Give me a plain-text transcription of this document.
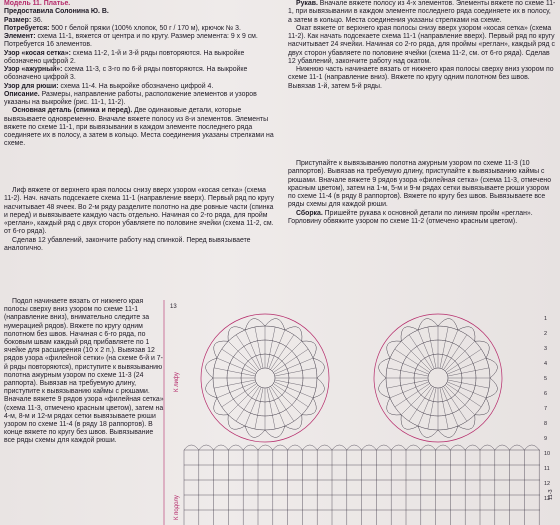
Модель 11. Платье.

Предоставила Солонина Ю. В.

Размер: 36.

Потребуется: 500 г белой пряжи (100% хлопок, 50 г / 170 м), крючок № 3.

Элемент: схема 11-1, вяжется от центра и по кругу. Размер элемента: 9 х 9 см. Потребуется 16 элементов.

Узор «косая сетка»: схема 11-2, 1-й и 3-й ряды повторяются. На выкройке обозначено цифрой 2.

Узор «ажурный»: схема 11-3, с 3-го по 6-й ряды повторяются. На выкройке обозначено цифрой 3.

Узор для рюши: схема 11-4. На выкройке обозначено цифрой 4.

Описание. Размеры, направление работы, расположение элементов и узоров указаны на выкройке (рис. 11-1, 11-2).

Основная деталь (спинка и перед). Две одинаковые детали, которые вывязываете одновременно. Вначале вяжете полосу из 8-и элементов. Элементы вяжете по схеме 11-1, при вывязывании в каждом элементе последнего ряда соединяете их в полосу, а затем в кольцо. Места соединения указаны стрелками на схеме.

Лиф вяжете от верхнего края полосы снизу вверх узором «косая сетка» (схема 11-2). Нач. начать подсекаете схема 11-1 (направление вверх). Первый ряд по кругу насчитывает 48 ячеек. Во 2-м ряду разделите полотно на две ровные части (спинка и перед) и вывязываете каждую часть отдельно. Начиная со 2-го ряда, для пройм «реглан», каждый ряд с двух сторон убавляете по половине ячейки (схема 11-2, см. от 6-го ряда).

Сделав 12 убавлений, закончите работу над спинкой. Перед вывязываете аналогично.

Подол начинаете вязать от нижнего края полосы сверху вниз узором по схеме 11-1 (направление вниз), внимательно следите за нумерацией рядов). Вяжете по кругу одним полотном без швов. Начиная с 6-го ряда, по боковым швам каждый ряд прибавляете по 1 ячейке для расширения (10 х 2 п.). Вывязав 12 рядов узора «филейной сетки» (на схеме 6-й и 7-й ряды повторяются), приступите к вывязыванию полотна ажурным узором по схеме 11-3 (24 раппорта). Вывязав на требуемую длину, приступите к вывязыванию каймы с рюшами. Вначале вяжете 9 рядов узора «филейная сетка» (схема 11-3, отмечено красным цветом), затем на 4-м, 8-м и 12-м рядах сетки вывязываете рюши узором по схеме 11-4 (в ряду 18 раппортов). В конце вяжете по кругу без швов. Вывязывание все ряды схемы для каждой рюши.

Рукав. Вначале вяжете полосу из 4-х элементов. Элементы вяжете по схеме 11-1, при вывязывании в каждом элементе последнего ряда соединяете их в полосу, а затем в кольцо. Места соединения указаны стрелками на схеме.

Окат вяжете от верхнего края полосы снизу вверх узором «косая сетка» (схема 11-2). Как начать подсекаете схема 11-1 (направление вверх). Первый ряд по кругу насчитывает 24 ячейки. Начиная со 2-го ряда, для проймы «реглан», каждый ряд с двух сторон убавляете по половине ячейки (схема 11-2, см. от 6-го ряда). Сделав 12 убавлений, закончите работу над окатом.

Нижнюю часть начинаете вязать от нижнего края полосы сверху вниз узором по схеме 11-1 (направление вниз). Вяжете по кругу одним полотном без швов. Вывязав 1-й, затем 5-й ряды.

Приступайте к вывязыванию полотна ажурным узором по схеме 11-3 (10 раппортов). Вывязав на требуемую длину, приступайте к вывязыванию каймы с рюшами. Вначале вяжете 9 рядов узора «филейная сетка» (схема 11-3, отмечено красным цветом), затем на 1-м, 5-м и 9-м рядах сетки вывязываете рюши узором по схеме 11-4 (в ряду 8 раппортов). Вяжете по кругу без швов. Вывязываете все ряды схемы для каждой рюши.

Сборка. Пришейте рукава к основной детали по линиям пройм «реглан». Горловину обвяжите узором по схеме 11-2 (отмечено красным цветом).

К лифу
К подолу
11-3
13
1
2
3
4
5
6
7
8
9
10
11
12
13
